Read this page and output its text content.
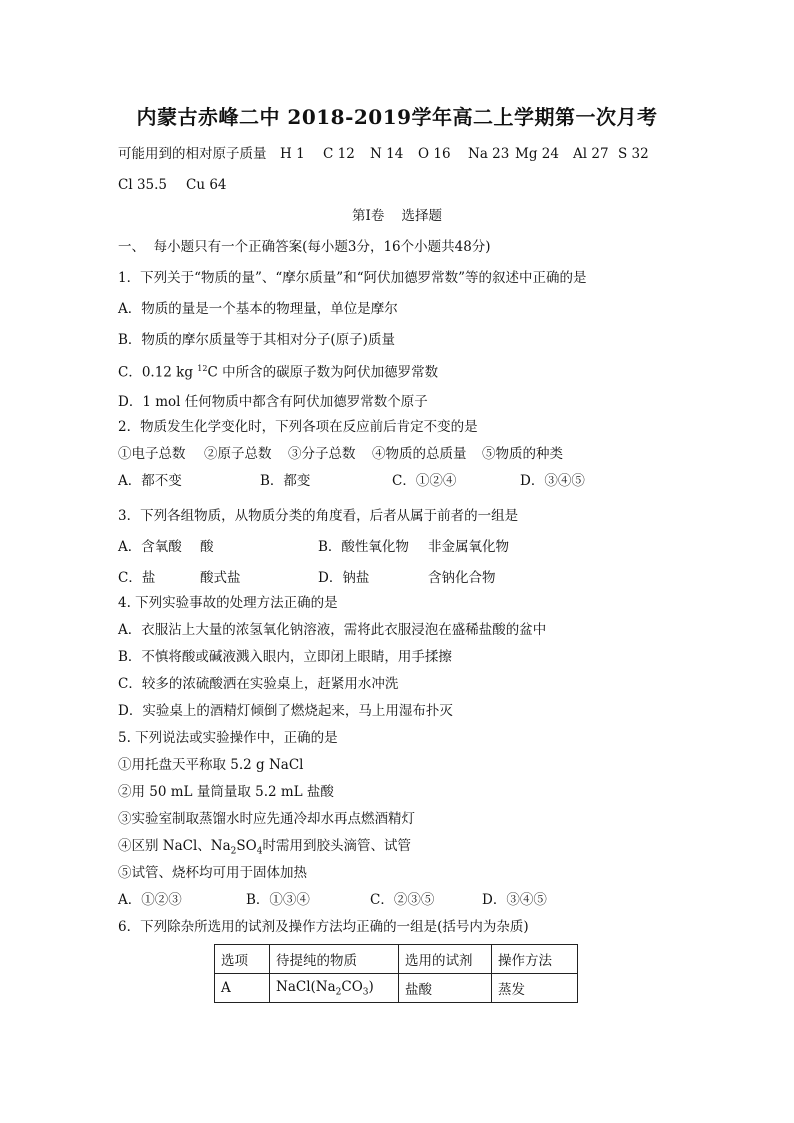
内蒙古赤峰二中 2018-2019学年高二上学期第一次月考

可能用到的相对原子质量

H 1

C 12

N 14

O 16

Na 23

Mg 24

Al 27

S 32

Cl 35.5

Cu 64

第Ⅰ卷    选择题
一、  每小题只有一个正确答案(每小题3分，16个小题共48分)
1．下列关于“物质的量”、“摩尔质量”和“阿伏加德罗常数”等的叙述中正确的是
A．物质的量是一个基本的物理量，单位是摩尔
B．物质的摩尔质量等于其相对分子(原子)质量
C．0.12 kg $^{12}$C 中所含的碳原子数为阿伏加德罗常数
D．1 mol 任何物质中都含有阿伏加德罗常数个原子
2．物质发生化学变化时，下列各项在反应前后肯定不变的是

①电子总数

②原子总数

③分子总数

④物质的总质量

⑤物质的种类

A．都不变

	B．都变

	C．①②④

	D．③④⑤

3．下列各组物质，从物质分类的角度看，后者从属于前者的一组是

A．含氧酸

酸

	B．酸性氧化物

非金属氧化物

C．盐

	酸式盐

	D．钠盐

	含钠化合物

4. 下列实验事故的处理方法正确的是
A．衣服沾上大量的浓氢氧化钠溶液，需将此衣服浸泡在盛稀盐酸的盆中
B．不慎将酸或碱液溅入眼内，立即闭上眼睛，用手揉擦
C．较多的浓硫酸洒在实验桌上，赶紧用水冲洗
D．实验桌上的酒精灯倾倒了燃烧起来，马上用湿布扑灭
5. 下列说法或实验操作中，正确的是
①用托盘天平称取 5.2 g NaCl
②用 50 mL 量筒量取 5.2 mL 盐酸
③实验室制取蒸馏水时应先通冷却水再点燃酒精灯
④区别 NaCl、$Na_2SO_4$时需用到胶头滴管、试管
⑤试管、烧杯均可用于固体加热

A．①②③

	B．①③④

	C．②③⑤

	D．③④⑤

6．下列除杂所选用的试剂及操作方法均正确的一组是(括号内为杂质)
选项	待提纯的物质	选用的试剂	操作方法
A	$NaCl(Na_2CO_3)$	盐酸	蒸发
